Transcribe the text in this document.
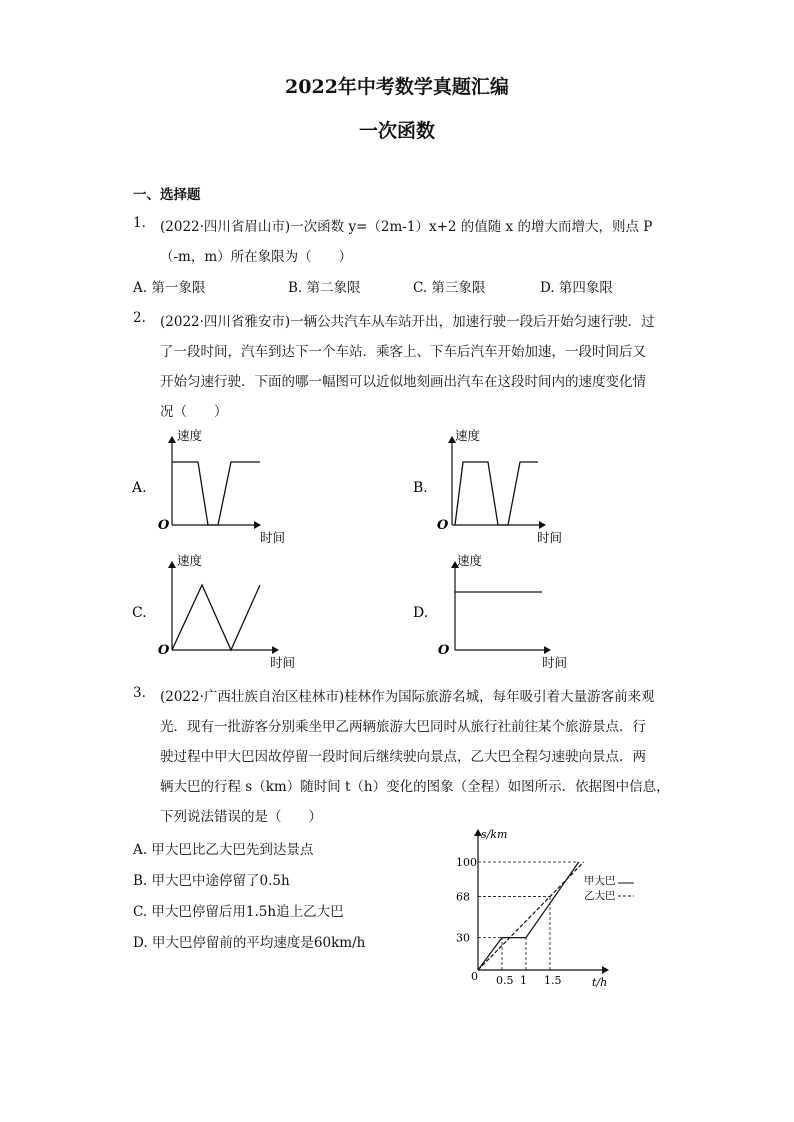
2022年中考数学真题汇编
一次函数
一、选择题
1. (2022·四川省眉山市)一次函数 y=（2m-1）x+2 的值随 x 的增大而增大，则点 P
（-m，m）所在象限为（　　）
A. 第一象限	B. 第二象限	C. 第三象限	D. 第四象限
2. (2022·四川省雅安市)一辆公共汽车从车站开出，加速行驶一段后开始匀速行驶．过
了一段时间，汽车到达下一个车站．乘客上、下车后汽车开始加速，一段时间后又
开始匀速行驶．下面的哪一幅图可以近似地刻画出汽车在这段时间内的速度变化情
况（　　）
A.
速度
时间
O
B.
速度
时间
O
C.
速度
时间
O
D.
速度
时间
O
3. (2022·广西壮族自治区桂林市)桂林作为国际旅游名城，每年吸引着大量游客前来观
光．现有一批游客分别乘坐甲乙两辆旅游大巴同时从旅行社前往某个旅游景点．行
驶过程中甲大巴因故停留一段时间后继续驶向景点，乙大巴全程匀速驶向景点．两
辆大巴的行程 s（km）随时间 t（h）变化的图象（全程）如图所示．依据图中信息，
下列说法错误的是（　　）
A. 甲大巴比乙大巴先到达景点
B. 甲大巴中途停留了0.5h
C. 甲大巴停留后用1.5h追上乙大巴
D. 甲大巴停留前的平均速度是60km/h
s/km
t/h
0
30
68
100
0.5 1 1.5
甲大巴
乙大巴
